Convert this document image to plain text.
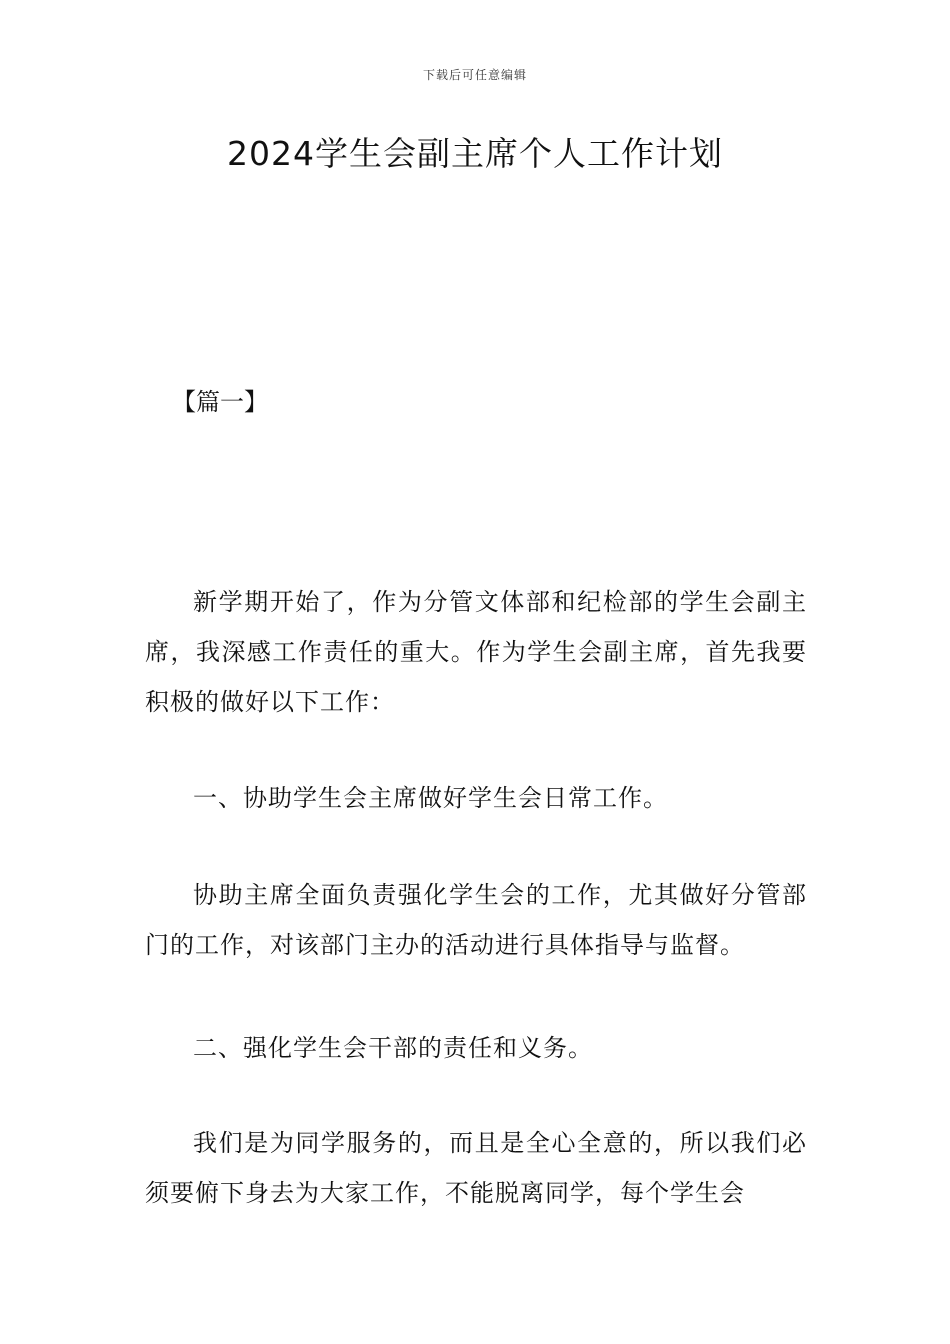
下载后可任意编辑
2024学生会副主席个人工作计划
【篇一】

新学期开始了，作为分管文体部和纪检部的学生会副主席，我深感工作责任的重大。作为学生会副主席，首先我要积极的做好以下工作：

一、协助学生会主席做好学生会日常工作。

协助主席全面负责强化学生会的工作，尤其做好分管部门的工作，对该部门主办的活动进行具体指导与监督。

二、强化学生会干部的责任和义务。

我们是为同学服务的，而且是全心全意的，所以我们必须要俯下身去为大家工作，不能脱离同学，每个学生会
